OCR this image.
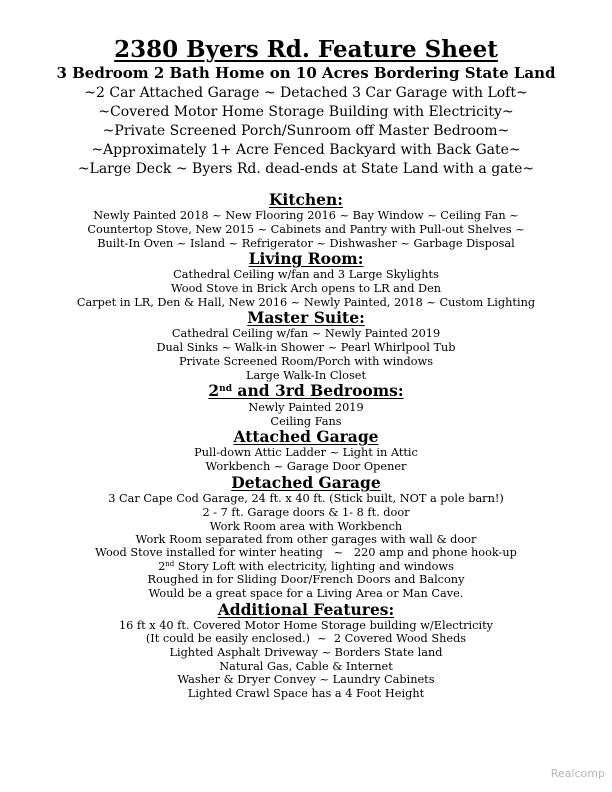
2380 Byers Rd. Feature Sheet
3 Bedroom 2 Bath Home on 10 Acres Bordering State Land
~2 Car Attached Garage ~ Detached 3 Car Garage with Loft~
~Covered Motor Home Storage Building with Electricity~
~Private Screened Porch/Sunroom off Master Bedroom~
~Approximately 1+ Acre Fenced Backyard with Back Gate~
~Large Deck ~ Byers Rd. dead-ends at State Land with a gate~
Kitchen:
Newly Painted 2018 ~ New Flooring 2016 ~ Bay Window ~ Ceiling Fan ~
Countertop Stove, New 2015 ~ Cabinets and Pantry with Pull-out Shelves ~
Built-In Oven ~ Island ~ Refrigerator ~ Dishwasher ~ Garbage Disposal
Living Room:
Cathedral Ceiling w/fan and 3 Large Skylights
Wood Stove in Brick Arch opens to LR and Den
Carpet in LR, Den & Hall, New 2016 ~ Newly Painted, 2018 ~ Custom Lighting
Master Suite:
Cathedral Ceiling w/fan ~ Newly Painted 2019
Dual Sinks ~ Walk-in Shower ~ Pearl Whirlpool Tub
Private Screened Room/Porch with windows
Large Walk-In Closet
2nd and 3rd Bedrooms:
Newly Painted 2019
Ceiling Fans
Attached Garage
Pull-down Attic Ladder ~ Light in Attic
Workbench ~ Garage Door Opener
Detached Garage
3 Car Cape Cod Garage, 24 ft. x 40 ft. (Stick built, NOT a pole barn!)
2 - 7 ft. Garage doors & 1- 8 ft. door
Work Room area with Workbench
Work Room separated from other garages with wall & door
Wood Stove installed for winter heating   ~   220 amp and phone hook-up
2nd Story Loft with electricity, lighting and windows
Roughed in for Sliding Door/French Doors and Balcony
Would be a great space for a Living Area or Man Cave.
Additional Features:
16 ft x 40 ft. Covered Motor Home Storage building w/Electricity
(It could be easily enclosed.)  ~  2 Covered Wood Sheds
Lighted Asphalt Driveway ~ Borders State land
Natural Gas, Cable & Internet
Washer & Dryer Convey ~ Laundry Cabinets
Lighted Crawl Space has a 4 Foot Height
Realcomp
